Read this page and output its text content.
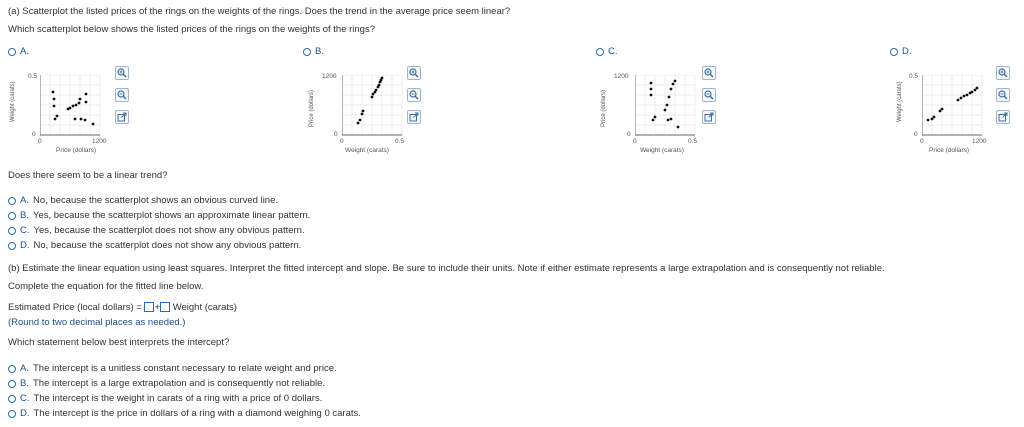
(a) Scatterplot the listed prices of the rings on the weights of the rings. Does the trend in the average price seem linear?
Which scatterplot below shows the listed prices of the rings on the weights of the rings?
A.	B.	C.	D.
Weight (carats)
0.5
0
0	1200
Price (dollars)
Price (dollars)
1200
0
0	0.5
Weight (carats)
Price (dollars)
1200
0
0	0.5
Weight (carats)
Weight (carats)
0.5
0
0	1200
Price (dollars)
Does there seem to be a linear trend?
A. No, because the scatterplot shows an obvious curved line.
B. Yes, because the scatterplot shows an approximate linear pattern.
C. Yes, because the scatterplot does not show any obvious pattern.
D. No, because the scatterplot does not show any obvious pattern.
(b) Estimate the linear equation using least squares. Interpret the fitted intercept and slope. Be sure to include their units. Note if either estimate represents a large extrapolation and is consequently not reliable.
Complete the equation for the fitted line below.
Estimated Price (local dollars) = + Weight (carats)
(Round to two decimal places as needed.)
Which statement below best interprets the intercept?
A. The intercept is a unitless constant necessary to relate weight and price.
B. The intercept is a large extrapolation and is consequently not reliable.
C. The intercept is the weight in carats of a ring with a price of 0 dollars.
D. The intercept is the price in dollars of a ring with a diamond weighing 0 carats.
